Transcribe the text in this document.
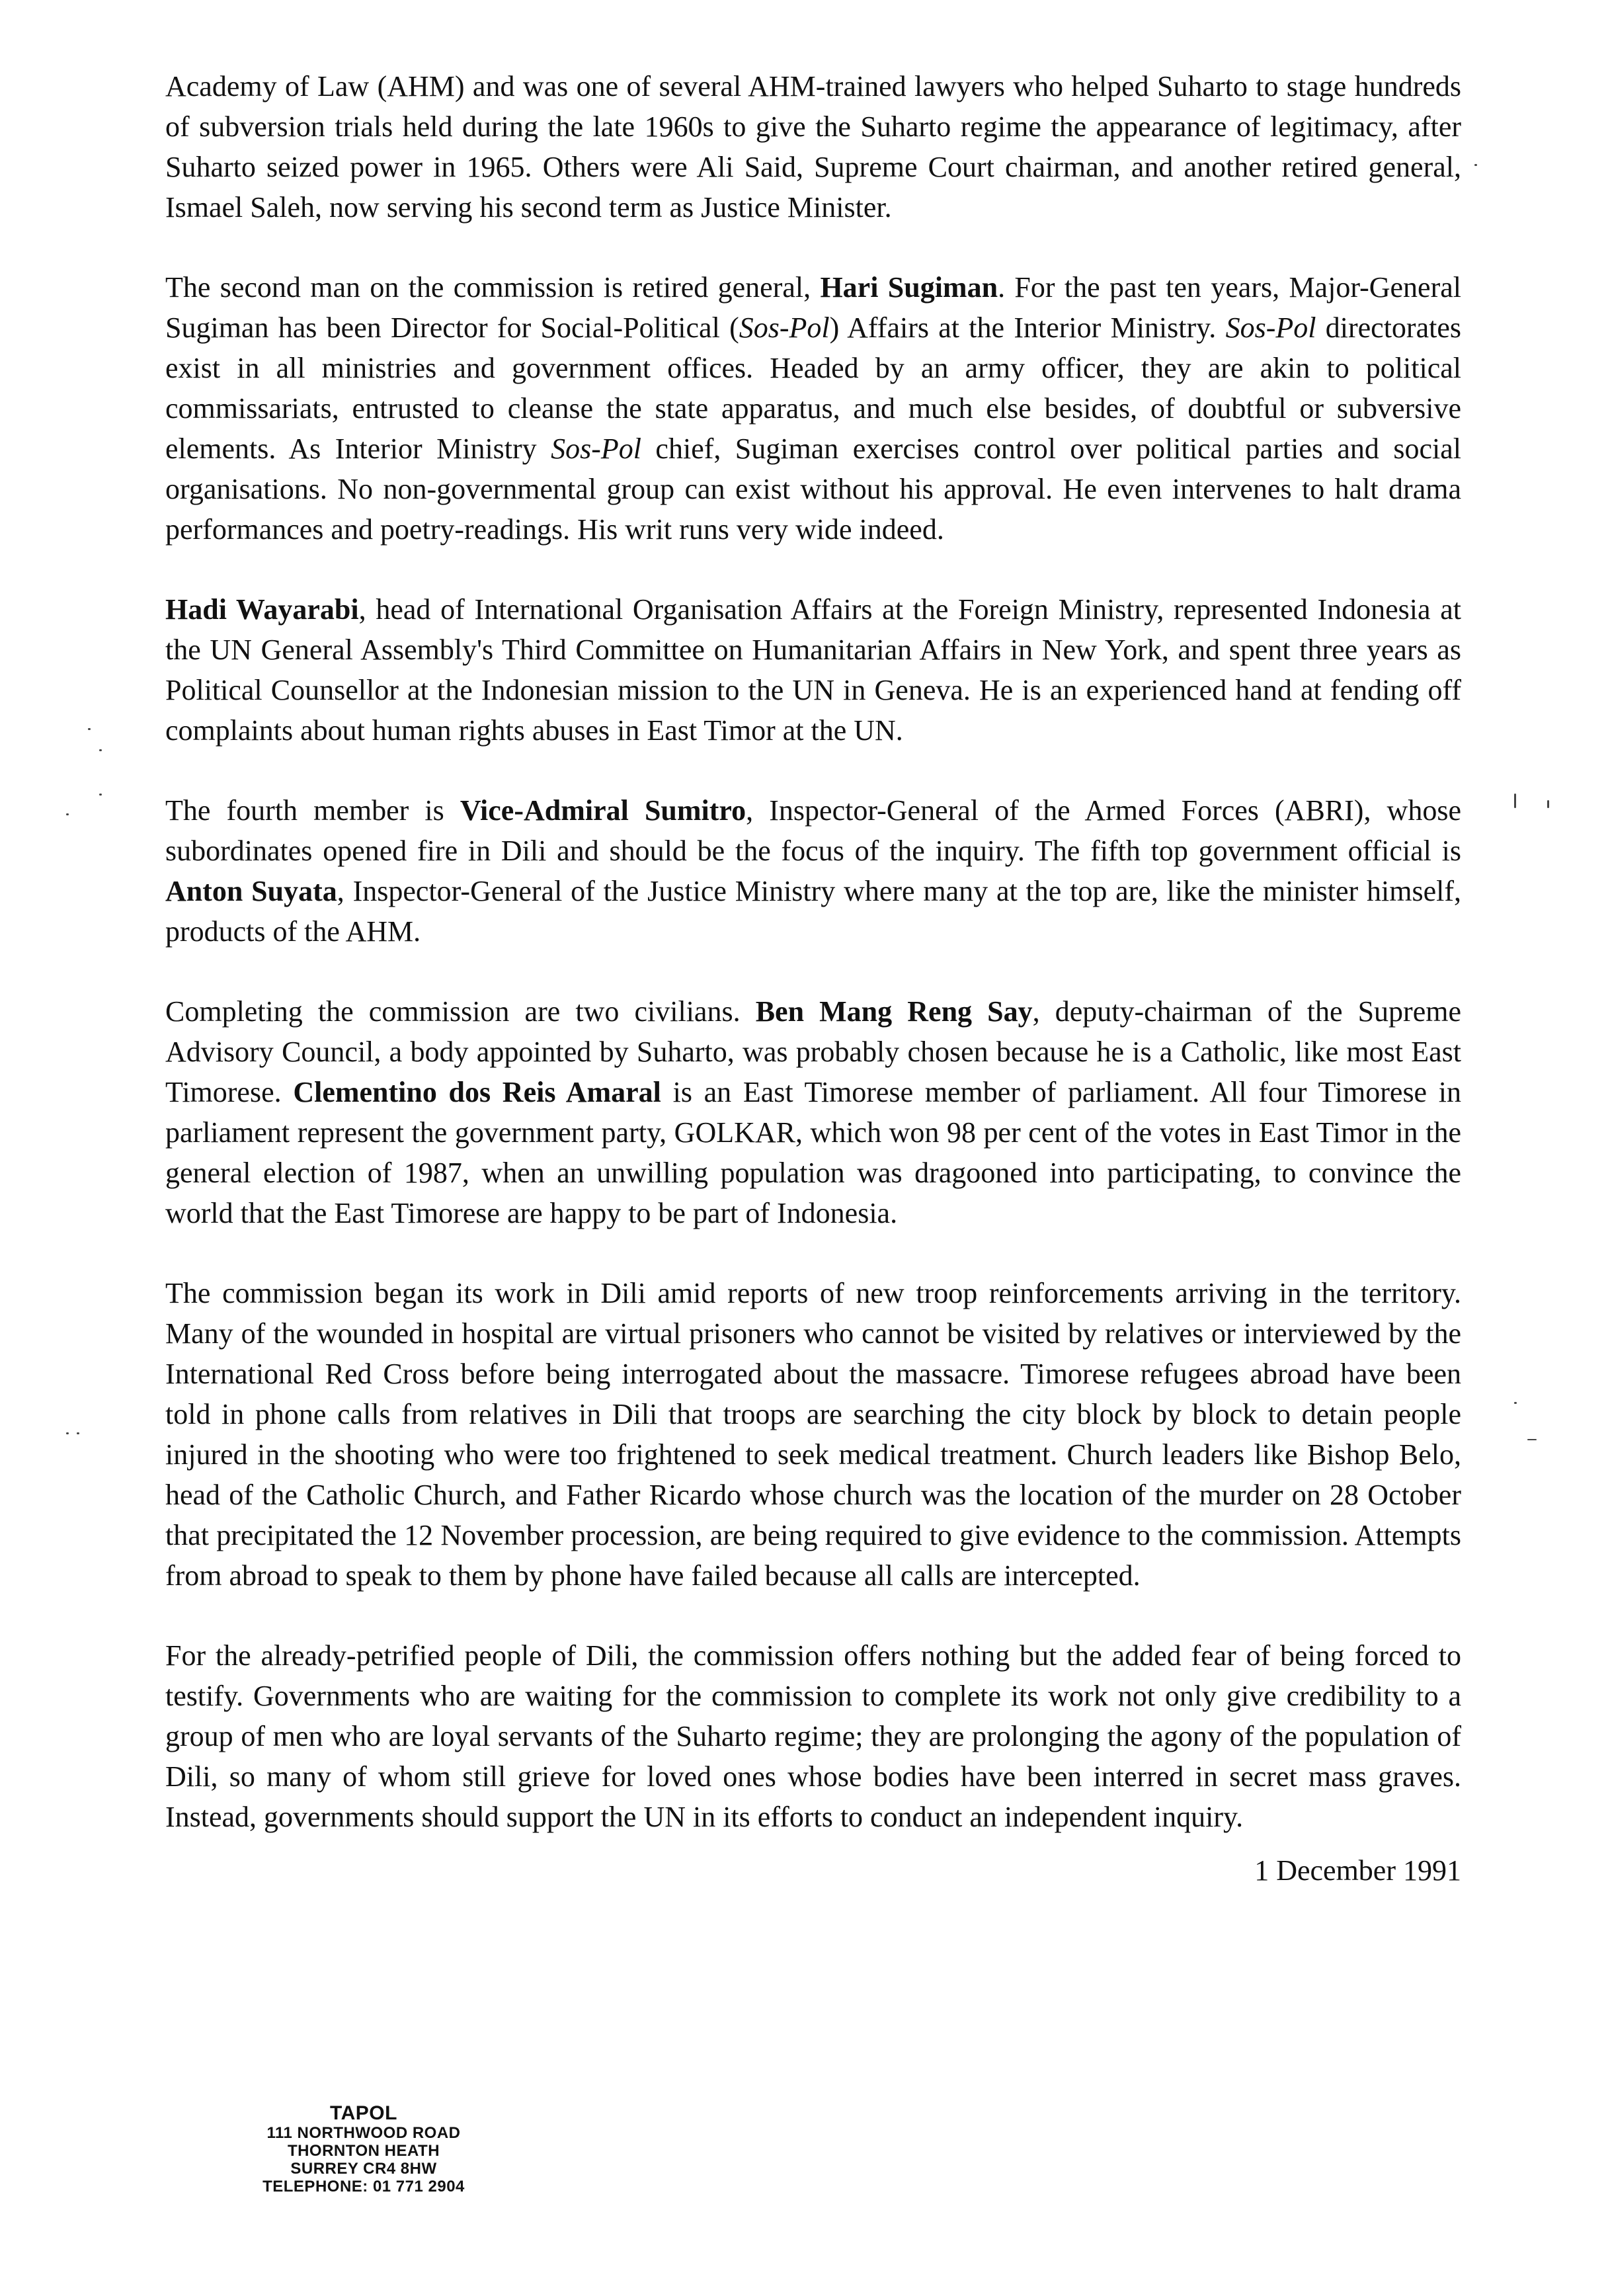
Academy of Law (AHM) and was one of several AHM-trained lawyers who helped Suharto to stage hundreds of subversion trials held during the late 1960s to give the Suharto regime the appearance of legitimacy, after Suharto seized power in 1965. Others were Ali Said, Supreme Court chairman, and another retired general, Ismael Saleh, now serving his second term as Justice Minister.

The second man on the commission is retired general, Hari Sugiman. For the past ten years, Major-General Sugiman has been Director for Social-Political (Sos-Pol) Affairs at the Interior Ministry. Sos-Pol directorates exist in all ministries and government offices. Headed by an army officer, they are akin to political commissariats, entrusted to cleanse the state apparatus, and much else besides, of doubtful or subversive elements. As Interior Ministry Sos-Pol chief, Sugiman exercises control over political parties and social organisations. No non-governmental group can exist without his approval. He even intervenes to halt drama performances and poetry-readings. His writ runs very wide indeed.

Hadi Wayarabi, head of International Organisation Affairs at the Foreign Ministry, represented Indonesia at the UN General Assembly's Third Committee on Humanitarian Affairs in New York, and spent three years as Political Counsellor at the Indonesian mission to the UN in Geneva. He is an experienced hand at fending off complaints about human rights abuses in East Timor at the UN.

The fourth member is Vice-Admiral Sumitro, Inspector-General of the Armed Forces (ABRI), whose subordinates opened fire in Dili and should be the focus of the inquiry. The fifth top government official is Anton Suyata, Inspector-General of the Justice Ministry where many at the top are, like the minister himself, products of the AHM.

Completing the commission are two civilians. Ben Mang Reng Say, deputy-chairman of the Supreme Advisory Council, a body appointed by Suharto, was probably chosen because he is a Catholic, like most East Timorese. Clementino dos Reis Amaral is an East Timorese member of parliament. All four Timorese in parliament represent the government party, GOLKAR, which won 98 per cent of the votes in East Timor in the general election of 1987, when an unwilling population was dragooned into participating, to convince the world that the East Timorese are happy to be part of Indonesia.

The commission began its work in Dili amid reports of new troop reinforcements arriving in the territory. Many of the wounded in hospital are virtual prisoners who cannot be visited by relatives or interviewed by the International Red Cross before being interrogated about the massacre. Timorese refugees abroad have been told in phone calls from relatives in Dili that troops are searching the city block by block to detain people injured in the shooting who were too frightened to seek medical treatment. Church leaders like Bishop Belo, head of the Catholic Church, and Father Ricardo whose church was the location of the murder on 28 October that precipitated the 12 November procession, are being required to give evidence to the commission. Attempts from abroad to speak to them by phone have failed because all calls are intercepted.

For the already-petrified people of Dili, the commission offers nothing but the added fear of being forced to testify. Governments who are waiting for the commission to complete its work not only give credibility to a group of men who are loyal servants of the Suharto regime; they are prolonging the agony of the population of Dili, so many of whom still grieve for loved ones whose bodies have been interred in secret mass graves. Instead, governments should support the UN in its efforts to conduct an independent inquiry.

1 December 1991

TAPOL
111 NORTHWOOD ROAD
THORNTON HEATH
SURREY CR4 8HW
TELEPHONE: 01 771 2904
